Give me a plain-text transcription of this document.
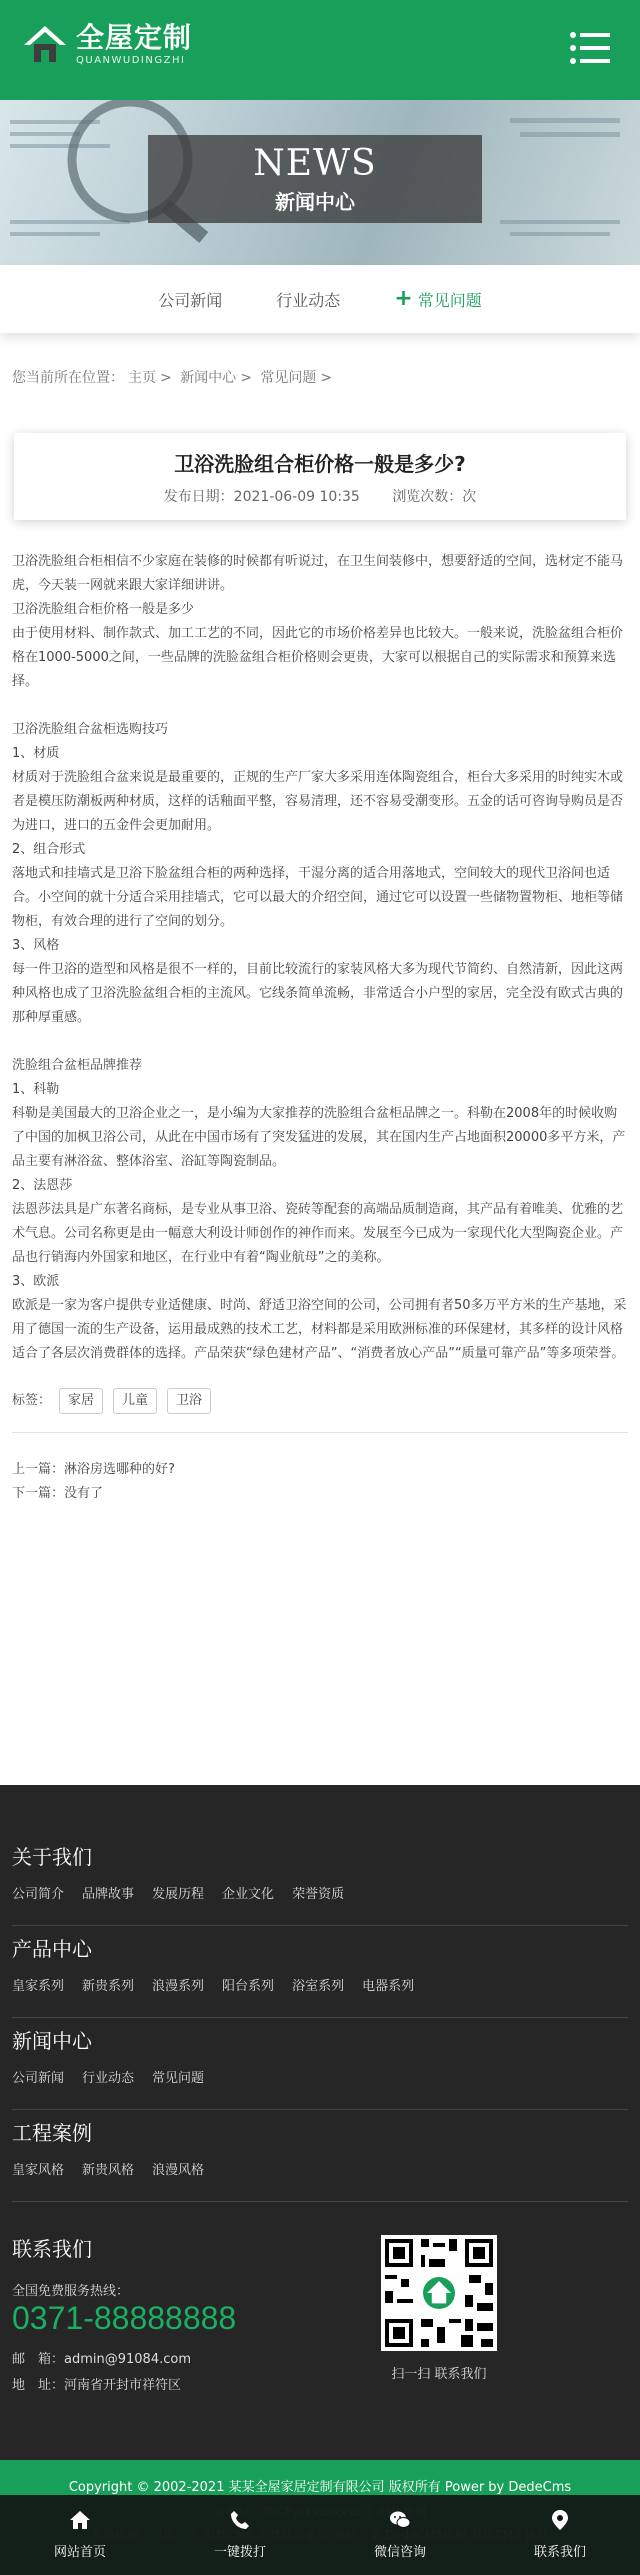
全屋定制
QUANWUDINGZHI
NEWS
新闻中心
公司新闻	行业动态 + 常见问题
您当前所在位置： 主页 > 新闻中心 > 常见问题 >
卫浴洗脸组合柜价格一般是多少?
发布日期：2021-06-09 10:35 浏览次数：次

卫浴洗脸组合柜相信不少家庭在装修的时候都有听说过，在卫生间装修中，想要舒适的空间，选材定不能马虎，今天装一网就来跟大家详细讲讲。

卫浴洗脸组合柜价格一般是多少

由于使用材料、制作款式、加工工艺的不同，因此它的市场价格差异也比较大。一般来说，洗脸盆组合柜价格在1000-5000之间，一些品牌的洗脸盆组合柜价格则会更贵，大家可以根据自己的实际需求和预算来选择。

卫浴洗脸组合盆柜选购技巧

1、材质

材质对于洗脸组合盆来说是最重要的，正规的生产厂家大多采用连体陶瓷组合，柜台大多采用的时纯实木或者是模压防潮板两种材质，这样的话釉面平整，容易清理，还不容易受潮变形。五金的话可咨询导购员是否为进口，进口的五金件会更加耐用。

2、组合形式

落地式和挂墙式是卫浴下脸盆组合柜的两种选择，干湿分离的适合用落地式，空间较大的现代卫浴间也适合。小空间的就十分适合采用挂墙式，它可以最大的介绍空间，通过它可以设置一些储物置物柜、地柜等储物柜，有效合理的进行了空间的划分。

3、风格

每一件卫浴的造型和风格是很不一样的，目前比较流行的家装风格大多为现代节简约、自然清新，因此这两种风格也成了卫浴洗脸盆组合柜的主流风。它线条简单流畅，非常适合小户型的家居，完全没有欧式古典的那种厚重感。

洗脸组合盆柜品牌推荐

1、科勒

科勒是美国最大的卫浴企业之一，是小编为大家推荐的洗脸组合盆柜品牌之一。科勒在2008年的时候收购了中国的加枫卫浴公司，从此在中国市场有了突发猛进的发展，其在国内生产占地面积20000多平方米，产品主要有淋浴盆、整体浴室、浴缸等陶瓷制品。

2、法恩莎

法恩莎法具是广东著名商标，是专业从事卫浴、瓷砖等配套的高端品质制造商，其产品有着唯美、优雅的艺术气息。公司名称更是由一幅意大利设计师创作的神作而来。发展至今已成为一家现代化大型陶瓷企业。产品也行销海内外国家和地区，在行业中有着“陶业航母”之的美称。

3、欧派

欧派是一家为客户提供专业适健康、时尚、舒适卫浴空间的公司，公司拥有者50多万平方米的生产基地，采用了德国一流的生产设备，运用最成熟的技术工艺，材料都是采用欧洲标准的环保建材，其多样的设计风格适合了各层次消费群体的选择。产品荣获“绿色建材产品”、“消费者放心产品”“质量可靠产品”等多项荣誉。

标签：	家居	儿童	卫浴

上一篇：淋浴房选哪种的好?

下一篇：没有了

关于我们
公司简介 品牌故事 发展历程 企业文化 荣誉资质
产品中心
皇家系列 新贵系列 浪漫系列 阳台系列 浴室系列 电器系列
新闻中心
公司新闻 行业动态 常见问题
工程案例
皇家风格 新贵风格 浪漫风格
联系我们
全国免费服务热线：
0371-88888888
邮　箱：admin@91084.com
地　址：河南省开封市祥符区
扫一扫 联系我们
Copyright © 2002-2021 某某全屋家居定制有限公司 版权所有 Power by DedeCms
网站首页	一键拨打	微信咨询	联系我们
